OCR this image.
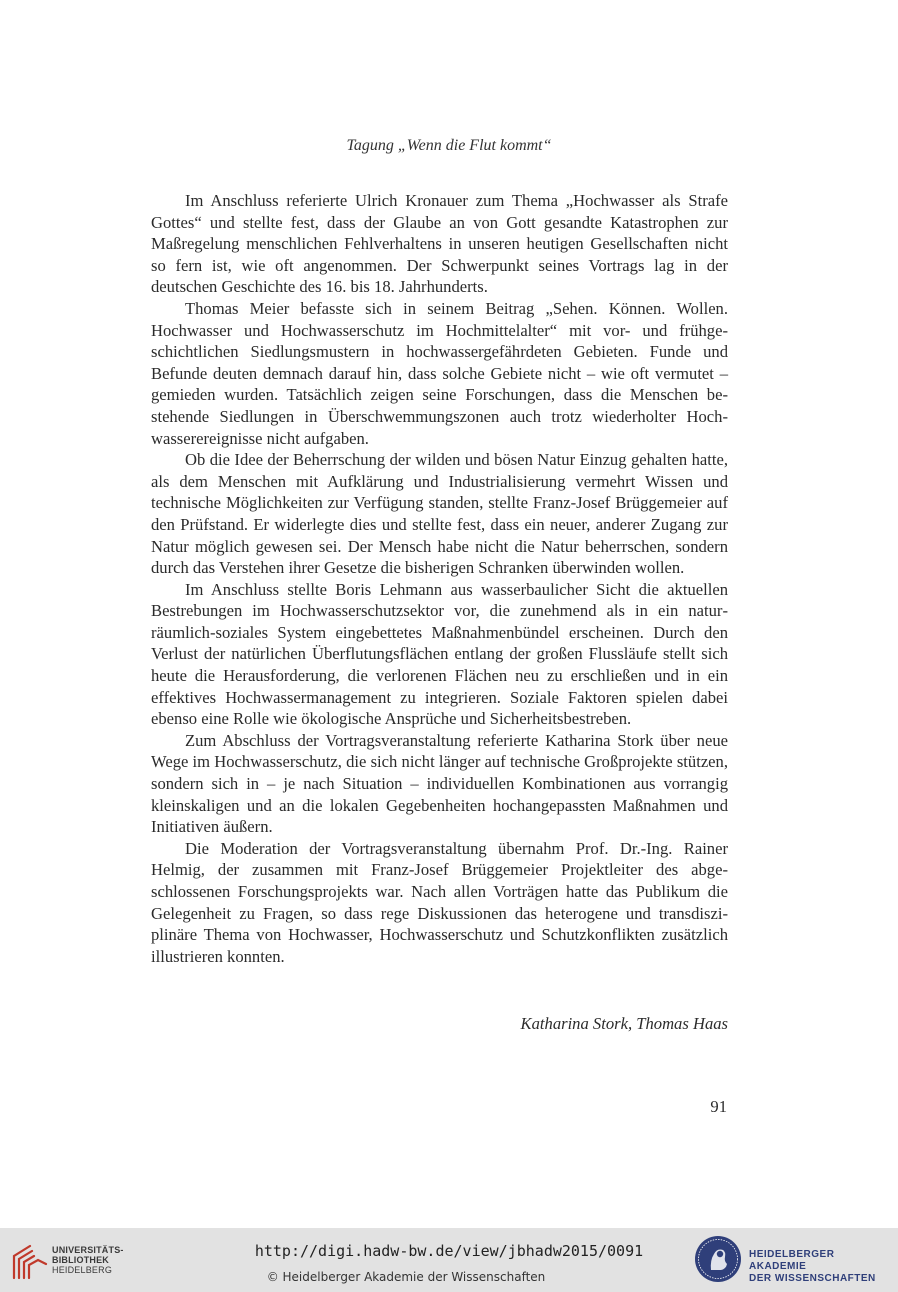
Tagung „Wenn die Flut kommt“

Im Anschluss referierte Ulrich Kronauer zum Thema „Hochwasser als Strafe Gottes“ und stellte fest, dass der Glaube an von Gott gesandte Katastrophen zur Maßregelung menschlichen Fehlverhaltens in unseren heutigen Gesellschaften nicht so fern ist, wie oft angenommen. Der Schwerpunkt seines Vortrags lag in der deutschen Geschichte des 16. bis 18. Jahrhunderts.

Thomas Meier befasste sich in seinem Beitrag „Sehen. Können. Wollen. Hochwasser und Hochwasserschutz im Hochmittelalter“ mit vor- und frühgeschichtlichen Siedlungsmustern in hochwassergefährdeten Gebieten. Funde und Befunde deuten demnach darauf hin, dass solche Gebiete nicht – wie oft vermutet – gemieden wurden. Tatsächlich zeigen seine Forschungen, dass die Menschen bestehende Siedlungen in Überschwemmungszonen auch trotz wiederholter Hochwasserereignisse nicht aufgaben.

Ob die Idee der Beherrschung der wilden und bösen Natur Einzug gehalten hatte, als dem Menschen mit Aufklärung und Industrialisierung vermehrt Wissen und technische Möglichkeiten zur Verfügung standen, stellte Franz-Josef Brüggemeier auf den Prüfstand. Er widerlegte dies und stellte fest, dass ein neuer, anderer Zugang zur Natur möglich gewesen sei. Der Mensch habe nicht die Natur beherrschen, sondern durch das Verstehen ihrer Gesetze die bisherigen Schranken überwinden wollen.

Im Anschluss stellte Boris Lehmann aus wasserbaulicher Sicht die aktuellen Bestrebungen im Hochwasserschutzsektor vor, die zunehmend als in ein naturräumlich-soziales System eingebettetes Maßnahmenbündel erscheinen. Durch den Verlust der natürlichen Überflutungsflächen entlang der großen Flussläufe stellt sich heute die Herausforderung, die verlorenen Flächen neu zu erschließen und in ein effektives Hochwassermanagement zu integrieren. Soziale Faktoren spielen dabei ebenso eine Rolle wie ökologische Ansprüche und Sicherheitsbestreben.

Zum Abschluss der Vortragsveranstaltung referierte Katharina Stork über neue Wege im Hochwasserschutz, die sich nicht länger auf technische Großprojekte stützen, sondern sich in – je nach Situation – individuellen Kombinationen aus vorrangig kleinskaligen und an die lokalen Gegebenheiten hochangepassten Maßnahmen und Initiativen äußern.

Die Moderation der Vortragsveranstaltung übernahm Prof. Dr.-Ing. Rainer Helmig, der zusammen mit Franz-Josef Brüggemeier Projektleiter des abgeschlossenen Forschungsprojekts war. Nach allen Vorträgen hatte das Publikum die Gelegenheit zu Fragen, so dass rege Diskussionen das heterogene und transdisziplinäre Thema von Hochwasser, Hochwasserschutz und Schutzkonflikten zusätzlich illustrieren konnten.

Katharina Stork, Thomas Haas
91
UNIVERSITÄTS-
BIBLIOTHEK
HEIDELBERG
http://digi.hadw-bw.de/view/jbhadw2015/0091
© Heidelberger Akademie der Wissenschaften
HEIDELBERGER AKADEMIE
DER WISSENSCHAFTEN
